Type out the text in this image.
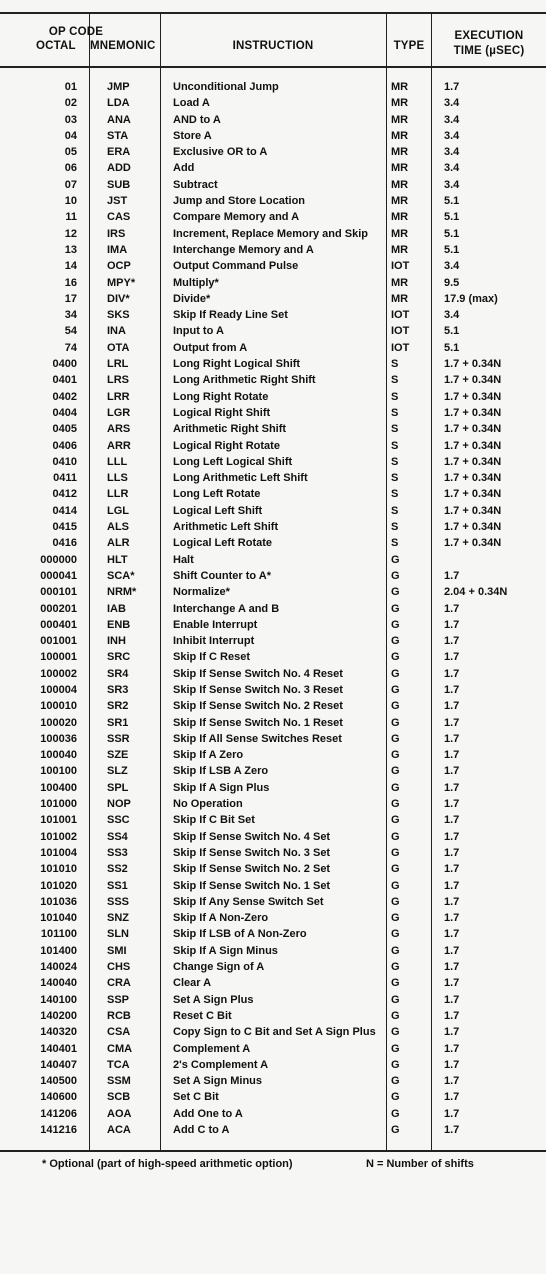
OP CODE
OCTAL MNEMONIC	INSTRUCTION	TYPE
EXECUTION
TIME (µSEC)
01	JMP	Unconditional Jump	MR	1.7
02	LDA	Load A	MR	3.4
03	ANA	AND to A	MR	3.4
04	STA	Store A	MR	3.4
05	ERA	Exclusive OR to A	MR	3.4
06	ADD	Add	MR	3.4
07	SUB	Subtract	MR	3.4
10	JST	Jump and Store Location	MR	5.1
11	CAS	Compare Memory and A	MR	5.1
12	IRS	Increment, Replace Memory and Skip MR	5.1
13	IMA	Interchange Memory and A	MR	5.1
14	OCP	Output Command Pulse	IOT	3.4
16	MPY*	Multiply*	MR	9.5
17	DIV*	Divide*	MR	17.9 (max)
34	SKS	Skip If Ready Line Set	IOT	3.4
54	INA	Input to A	IOT	5.1
74	OTA	Output from A	IOT	5.1
0400	LRL	Long Right Logical Shift	S	1.7 + 0.34N
0401	LRS	Long Arithmetic Right Shift	S	1.7 + 0.34N
0402	LRR	Long Right Rotate	S	1.7 + 0.34N
0404	LGR	Logical Right Shift	S	1.7 + 0.34N
0405	ARS	Arithmetic Right Shift	S	1.7 + 0.34N
0406	ARR	Logical Right Rotate	S	1.7 + 0.34N
0410	LLL	Long Left Logical Shift	S	1.7 + 0.34N
0411	LLS	Long Arithmetic Left Shift	S	1.7 + 0.34N
0412	LLR	Long Left Rotate	S	1.7 + 0.34N
0414	LGL	Logical Left Shift	S	1.7 + 0.34N
0415	ALS	Arithmetic Left Shift	S	1.7 + 0.34N
0416	ALR	Logical Left Rotate	S	1.7 + 0.34N
000000	HLT	Halt	G
000041	SCA*	Shift Counter to A*	G	1.7
000101	NRM*	Normalize*	G	2.04 + 0.34N
000201	IAB	Interchange A and B	G	1.7
000401	ENB	Enable Interrupt	G	1.7
001001	INH	Inhibit Interrupt	G	1.7
100001	SRC	Skip If C Reset	G	1.7
100002	SR4	Skip If Sense Switch No. 4 Reset	G	1.7
100004	SR3	Skip If Sense Switch No. 3 Reset	G	1.7
100010	SR2	Skip If Sense Switch No. 2 Reset	G	1.7
100020	SR1	Skip If Sense Switch No. 1 Reset	G	1.7
100036	SSR	Skip If All Sense Switches Reset	G	1.7
100040	SZE	Skip If A Zero	G	1.7
100100	SLZ	Skip If LSB A Zero	G	1.7
100400	SPL	Skip If A Sign Plus	G	1.7
101000	NOP	No Operation	G	1.7
101001	SSC	Skip If C Bit Set	G	1.7
101002	SS4	Skip If Sense Switch No. 4 Set	G	1.7
101004	SS3	Skip If Sense Switch No. 3 Set	G	1.7
101010	SS2	Skip If Sense Switch No. 2 Set	G	1.7
101020	SS1	Skip If Sense Switch No. 1 Set	G	1.7
101036	SSS	Skip If Any Sense Switch Set	G	1.7
101040	SNZ	Skip If A Non-Zero	G	1.7
101100	SLN	Skip If LSB of A Non-Zero	G	1.7
101400	SMI	Skip If A Sign Minus	G	1.7
140024	CHS	Change Sign of A	G	1.7
140040	CRA	Clear A	G	1.7
140100	SSP	Set A Sign Plus	G	1.7
140200	RCB	Reset C Bit	G	1.7
140320	CSA	Copy Sign to C Bit and Set A Sign Plus G	1.7
140401	CMA	Complement A	G	1.7
140407	TCA	2's Complement A	G	1.7
140500	SSM	Set A Sign Minus	G	1.7
140600	SCB	Set C Bit	G	1.7
141206	AOA	Add One to A	G	1.7
141216	ACA	Add C to A	G	1.7
* Optional (part of high-speed arithmetic option)	N = Number of shifts
